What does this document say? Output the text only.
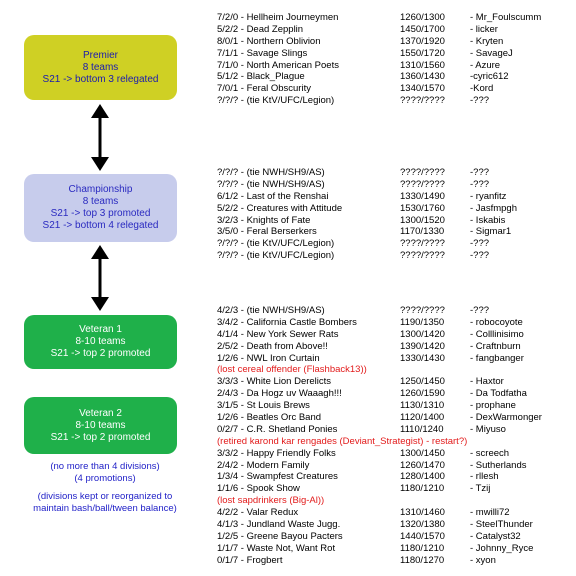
Premier
8 teams
S21 -> bottom 3 relegated
Championship
8 teams
S21 -> top 3 promoted
S21 -> bottom 4 relegated
Veteran 1
8-10 teams
S21 -> top 2 promoted
Veteran 2
8-10 teams
S21 -> top 2 promoted
(no more than 4 divisions)
(4 promotions)
(divisions kept or reorganized to
maintain bash/ball/tween balance)
7/2/0 - Hellheim Journeymen	1260/1300	- Mr_Foulscumm
5/2/2 - Dead Zepplin	1450/1700	- licker
8/0/1 - Northern Oblivion	1370/1920	- Kryten
7/1/1 - Savage Slings	1550/1720	- SavageJ
7/1/0 - North American Poets	1310/1560	- Azure
5/1/2 - Black_Plague	1360/1430	-cyric612
7/0/1 - Feral Obscurity	1340/1570	-Kord
?/?/? - (tie KtV/UFC/Legion)	????/????	-???
?/?/? - (tie NWH/SH9/AS)	????/????	-???
?/?/? - (tie NWH/SH9/AS)	????/????	-???
6/1/2 - Last of the Renshai	1330/1490	- ryanfitz
5/2/2 - Creatures with Attitude	1530/1760	- Jasfmpgh
3/2/3 - Knights of Fate	1300/1520	- Iskabis
3/5/0 - Feral Berserkers	1170/1330	- Sigmar1
?/?/? - (tie KtV/UFC/Legion)	????/????	-???
?/?/? - (tie KtV/UFC/Legion)	????/????	-???
4/2/3 - (tie NWH/SH9/AS)	????/????	-???
3/4/2 - California Castle Bombers	1190/1350	- robocoyote
4/1/4 - New York Sewer Rats	1300/1420	- Colllinisimo
2/5/2 - Death from Above!!	1390/1420	- Craftnburn
1/2/6 - NWL Iron Curtain	1330/1430	- fangbanger
(lost cereal offender (Flashback13))
3/3/3 - White Lion Derelicts	1250/1450	- Haxtor
2/4/3 - Da Hogz uv Waaagh!!!	1260/1590	- Da Todfatha
3/1/5 - St Louis Brews	1130/1310	- prophane
1/2/6 - Beatles Orc Band	1120/1400	- DexWarmonger
0/2/7 - C.R. Shetland Ponies	1110/1240	- Miyuso
(retired karond kar rengades (Deviant_Strategist) - restart?)
3/3/2 - Happy Friendly Folks	1300/1450	- screech
2/4/2 - Modern Family	1260/1470	- Sutherlands
1/3/4 - Swampfest Creatures	1280/1400	- rllesh
1/1/6 - Spook Show	1180/1210	- Tzij
(lost sapdrinkers (Big-Al))
4/2/2 - Valar Redux	1310/1460	- mwilli72
4/1/3 - Jundland Waste Jugg.	1320/1380	- SteelThunder
1/2/5 - Greene Bayou Pacters	1440/1570	- Catalyst32
1/1/7 - Waste Not, Want Rot	1180/1210	- Johnny_Ryce
0/1/7 - Frogbert	1180/1270	- xyon
